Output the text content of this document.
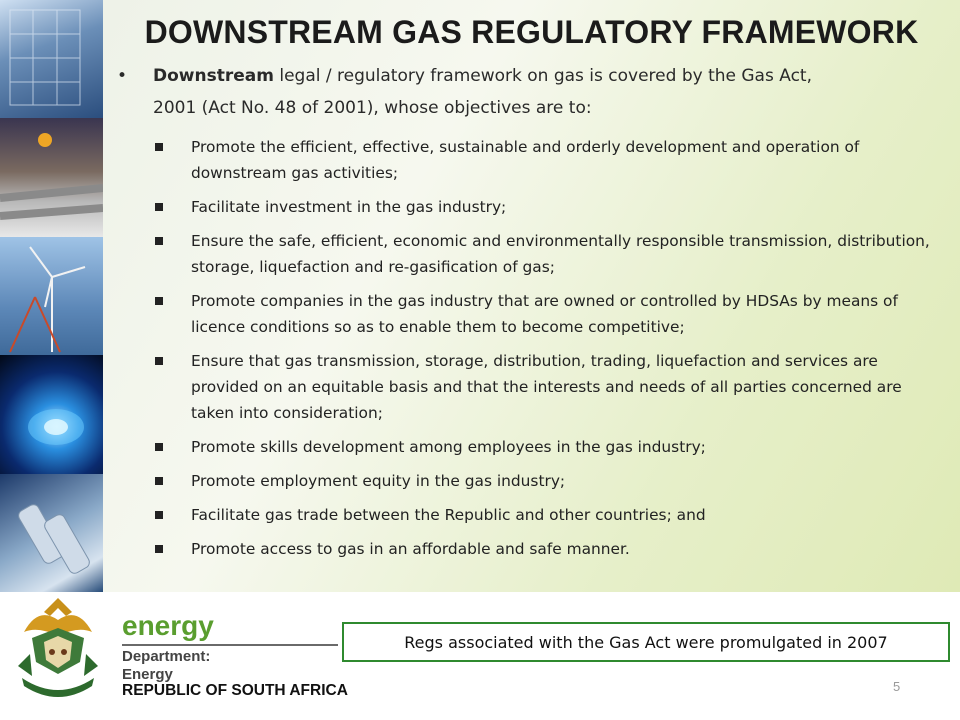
DOWNSTREAM GAS REGULATORY FRAMEWORK
• Downstream legal / regulatory framework on gas is covered by the Gas Act,
2001 (Act No. 48 of 2001), whose objectives are to:
Promote the efficient, effective, sustainable and orderly development and operation of downstream gas activities;
Facilitate investment in the gas industry;
Ensure the safe, efficient, economic and environmentally responsible transmission, distribution, storage, liquefaction and re-gasification of gas;
Promote companies in the gas industry that are owned or controlled by HDSAs by means of licence conditions so as to enable them to become competitive;
Ensure that gas transmission, storage, distribution, trading, liquefaction and services are provided on an equitable basis and that the interests and needs of all parties concerned are taken into consideration;
Promote skills development among employees in the gas industry;
Promote employment equity in the gas industry;
Facilitate gas trade between the Republic and other countries; and
Promote access to gas in an affordable and safe manner.
energy
Department:
Energy
REPUBLIC OF SOUTH AFRICA
Regs associated with the Gas Act were promulgated in 2007
5
